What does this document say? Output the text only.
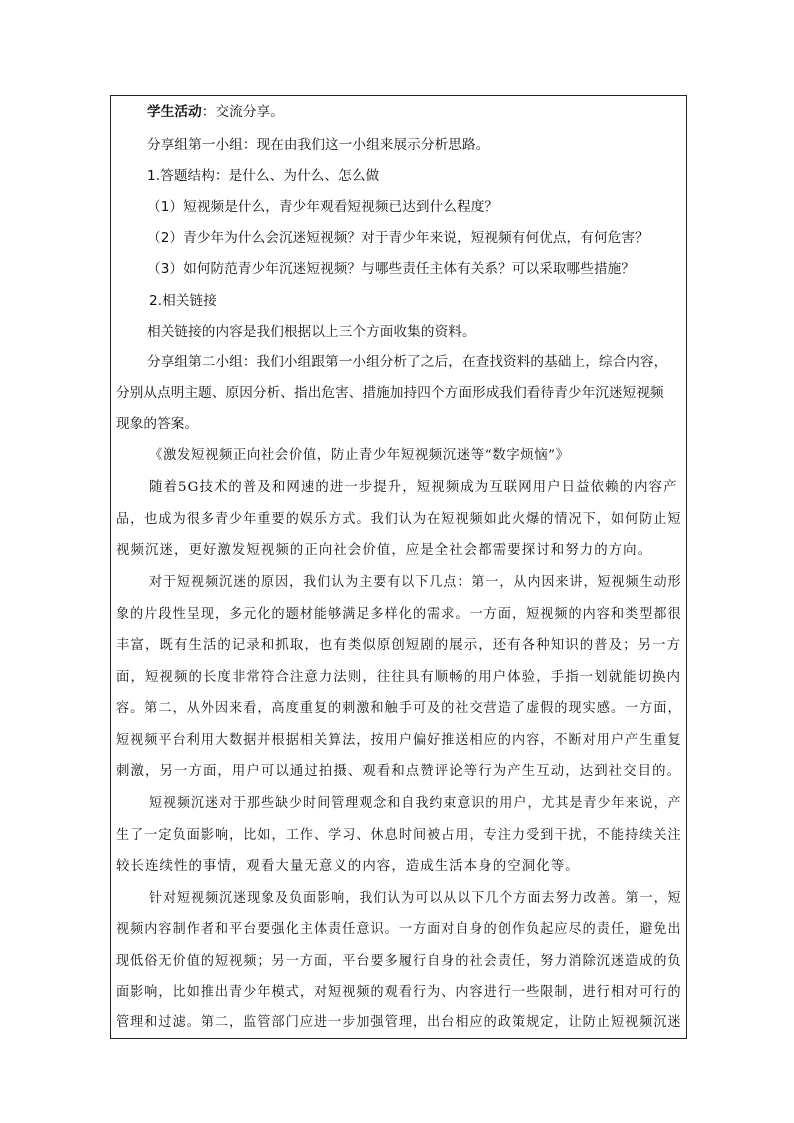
学生活动：交流分享。
分享组第一小组：现在由我们这一小组来展示分析思路。
1.答题结构：是什么、为什么、怎么做
（1）短视频是什么，青少年观看短视频已达到什么程度？
（2）青少年为什么会沉迷短视频？对于青少年来说，短视频有何优点，有何危害？
（3）如何防范青少年沉迷短视频？与哪些责任主体有关系？可以采取哪些措施？
2.相关链接
相关链接的内容是我们根据以上三个方面收集的资料。
分享组第二小组：我们小组跟第一小组分析了之后，在查找资料的基础上，综合内容，
分别从点明主题、原因分析、指出危害、措施加持四个方面形成我们看待青少年沉迷短视频
现象的答案。
《激发短视频正向社会价值，防止青少年短视频沉迷等“数字烦恼”》
随着5G技术的普及和网速的进一步提升，短视频成为互联网用户日益依赖的内容产
品，也成为很多青少年重要的娱乐方式。我们认为在短视频如此火爆的情况下，如何防止短
视频沉迷，更好激发短视频的正向社会价值，应是全社会都需要探讨和努力的方向。
对于短视频沉迷的原因，我们认为主要有以下几点：第一，从内因来讲，短视频生动形
象的片段性呈现，多元化的题材能够满足多样化的需求。一方面，短视频的内容和类型都很
丰富，既有生活的记录和抓取，也有类似原创短剧的展示，还有各种知识的普及；另一方
面，短视频的长度非常符合注意力法则，往往具有顺畅的用户体验，手指一划就能切换内
容。第二，从外因来看，高度重复的刺激和触手可及的社交营造了虚假的现实感。一方面，
短视频平台利用大数据并根据相关算法，按用户偏好推送相应的内容，不断对用户产生重复
刺激，另一方面，用户可以通过拍摄、观看和点赞评论等行为产生互动，达到社交目的。
短视频沉迷对于那些缺少时间管理观念和自我约束意识的用户，尤其是青少年来说，产
生了一定负面影响，比如，工作、学习、休息时间被占用，专注力受到干扰，不能持续关注
较长连续性的事情，观看大量无意义的内容，造成生活本身的空洞化等。
针对短视频沉迷现象及负面影响，我们认为可以从以下几个方面去努力改善。第一，短
视频内容制作者和平台要强化主体责任意识。一方面对自身的创作负起应尽的责任，避免出
现低俗无价值的短视频；另一方面，平台要多履行自身的社会责任，努力消除沉迷造成的负
面影响，比如推出青少年模式，对短视频的观看行为、内容进行一些限制，进行相对可行的
管理和过滤。第二，监管部门应进一步加强管理，出台相应的政策规定，让防止短视频沉迷
